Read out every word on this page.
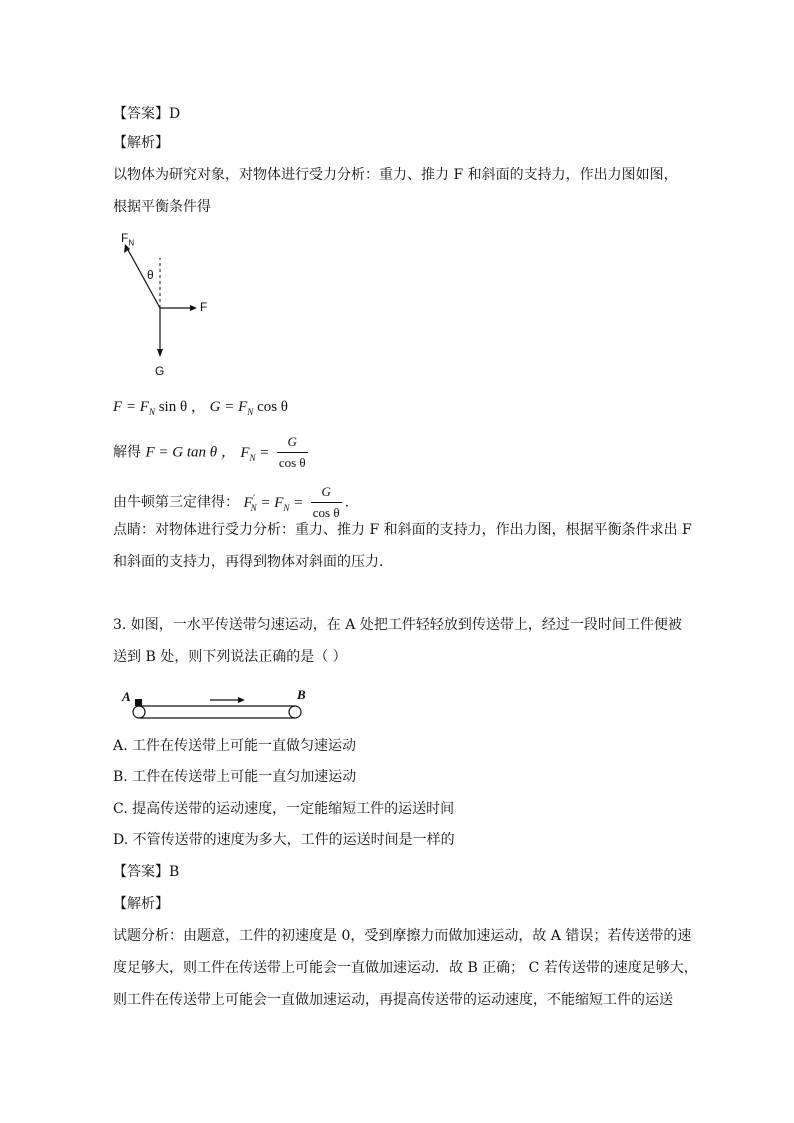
【答案】D
【解析】
以物体为研究对象，对物体进行受力分析：重力、推力 F 和斜面的支持力，作出力图如图，
根据平衡条件得
$F_N$
θ
F
G
$F = F_N$ sin θ ， $G = F_N$ cos θ
解得 F = G tan θ ， $F_N = \frac{G}{\text{cos θ}}$
由牛顿第三定律得： $F'_N = F_N = \frac{G}{\text{cos θ}}$ .
点睛：对物体进行受力分析：重力、推力 F 和斜面的支持力，作出力图，根据平衡条件求出 F
和斜面的支持力，再得到物体对斜面的压力．
3. 如图，一水平传送带匀速运动，在 A 处把工件轻轻放到传送带上，经过一段时间工件便被
送到 B 处，则下列说法正确的是（ ）
A	B
A. 工件在传送带上可能一直做匀速运动
B. 工件在传送带上可能一直匀加速运动
C. 提高传送带的运动速度，一定能缩短工件的运送时间
D. 不管传送带的速度为多大，工件的运送时间是一样的
【答案】B
【解析】
试题分析：由题意，工件的初速度是 0，受到摩擦力而做加速运动，故 A 错误；若传送带的速
度足够大，则工件在传送带上可能会一直做加速运动．故 B 正确； C 若传送带的速度足够大，
则工件在传送带上可能会一直做加速运动，再提高传送带的运动速度，不能缩短工件的运送
